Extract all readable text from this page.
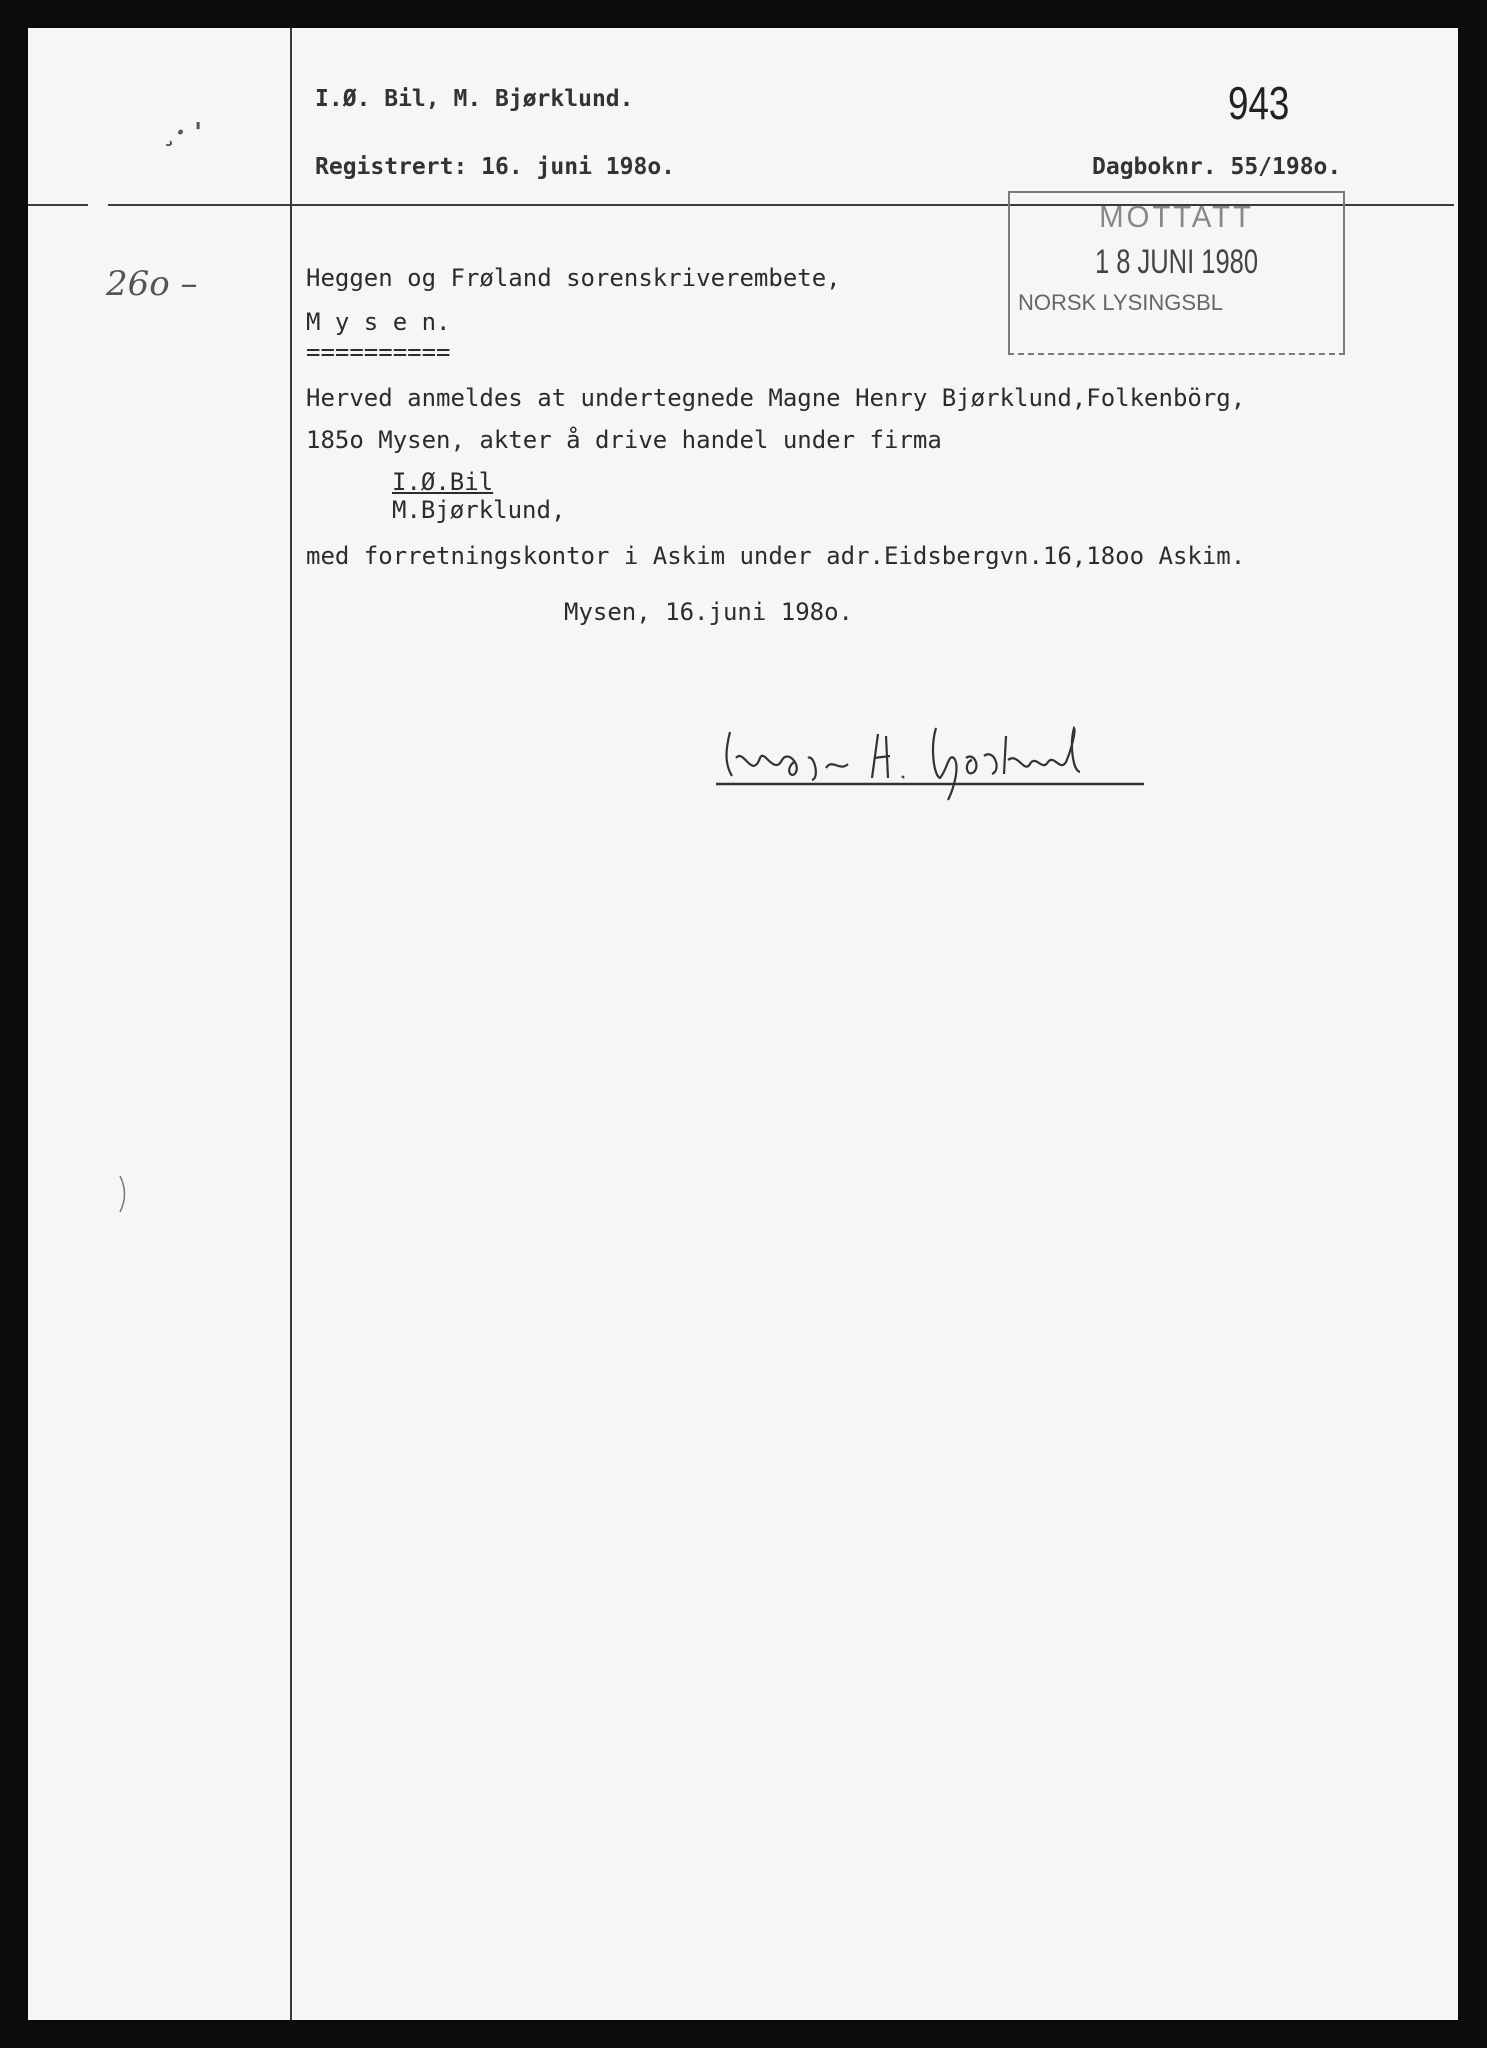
I.Ø. Bil, M. Bjørklund.
Registrert: 16. juni 198o.	Dagboknr. 55/198o.
943
¸· '
26o –
MOTTATT
1 8 JUNI 1980
NORSK LYSINGSBL
Heggen og Frøland sorenskriverembete,
M y s e n.
==========
Herved anmeldes at undertegnede Magne Henry Bjørklund,Folkenbörg,
185o Mysen, akter å drive handel under firma
I.Ø.Bil
M.Bjørklund,
med forretningskontor i Askim under adr.Eidsbergvn.16,18oo Askim.
Mysen, 16.juni 198o.
